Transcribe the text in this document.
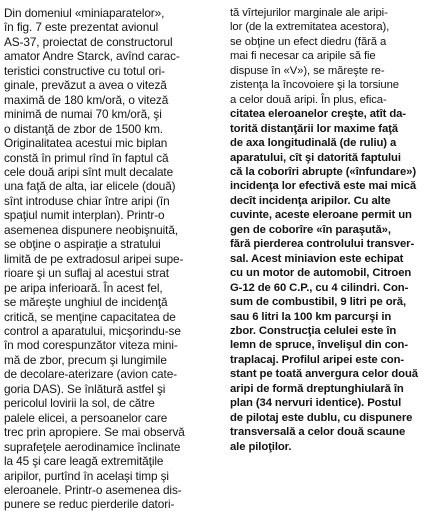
Din domeniul «miniaparatelor»,
în fig. 7 este prezentat avionul
AS-37, proiectat de constructorul
amator Andre Starck, avînd carac-
teristici constructive cu totul ori-
ginale, prevăzut a avea o viteză
maximă de 180 km/oră, o viteză
minimă de numai 70 km/oră, şi
o distanţă de zbor de 1500 km.
Originalitatea acestui mic biplan
constă în primul rînd în faptul că
cele două aripi sînt mult decalate
una faţă de alta, iar elicele (două)
sînt introduse chiar între aripi (în
spaţiul numit interplan). Printr-o
asemenea dispunere neobişnuită,
se obţine o aspiraţie a stratului
limită de pe extradosul aripei supe-
rioare şi un suflaj al acestui strat
pe aripa inferioară. În acest fel,
se măreşte unghiul de incidenţă
critică, se menţine capacitatea de
control a aparatului, micşorindu-se
în mod corespunzător viteza mini-
mă de zbor, precum şi lungimile
de decolare-aterizare (avion cate-
goria DAS). Se înlătură astfel şi
pericolul lovirii la sol, de către
palele elicei, a persoanelor care
trec prin apropiere. Se mai observă
suprafeţele aerodinamice înclinate
la 45 şi care leagă extremităţile
aripilor, purtînd în acelaşi timp şi
eleroanele. Printr-o asemenea dis-
punere se reduc pierderile datori-
tă vîrtejurilor marginale ale aripi-
lor (de la extremitatea acestora),
se obţine un efect diedru (fără a
mai fi necesar ca aripile să fie
dispuse în «V»), se măreşte re-
zistenţa la încovoiere şi la torsiune
a celor două aripi. În plus, efica-
citatea eleroanelor creşte, atît da-
torită distanţării lor maxime faţă
de axa longitudinală (de ruliu) a
aparatului, cît şi datorită faptului
că la coborîri abrupte («înfundare»)
incidenţa lor efectivă este mai mică
decît incidenţa aripilor. Cu alte
cuvinte, aceste eleroane permit un
gen de coborîre «în paraşută»,
fără pierderea controlului transver-
sal. Acest miniavion este echipat
cu un motor de automobil, Citroen
G-12 de 60 C.P., cu 4 cilindri. Con-
sum de combustibil, 9 litri pe oră,
sau 6 litri la 100 km parcurşi in
zbor. Construcţia celulei este în
lemn de spruce, învelişul din con-
traplacaj. Profilul aripei este con-
stant pe toată anvergura celor două
aripi de formă dreptunghiulară în
plan (34 nervuri identice). Postul
de pilotaj este dublu, cu dispunere
transversală a celor două scaune
ale piloţilor.
